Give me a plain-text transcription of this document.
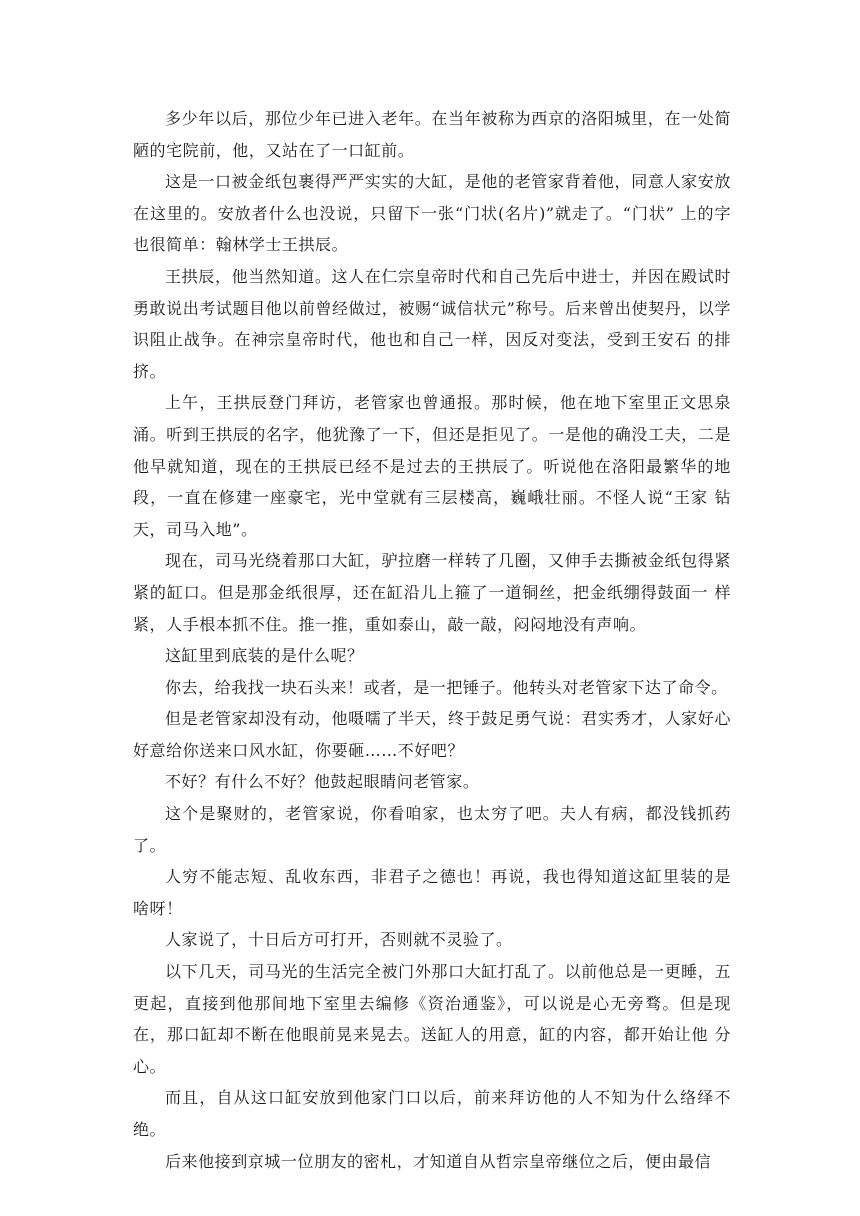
多少年以后，那位少年已进入老年。在当年被称为西京的洛阳城里，在一处简陋的宅院前，他，又站在了一口缸前。

这是一口被金纸包裹得严严实实的大缸，是他的老管家背着他，同意人家安放在这里的。安放者什么也没说，只留下一张“门状(名片)”就走了。“门状” 上的字也很简单：翰林学士王拱辰。

王拱辰，他当然知道。这人在仁宗皇帝时代和自己先后中进士，并因在殿试时勇敢说出考试题目他以前曾经做过，被赐“诚信状元”称号。后来曾出使契丹，以学识阻止战争。在神宗皇帝时代，他也和自己一样，因反对变法，受到王安石 的排挤。

上午，王拱辰登门拜访，老管家也曾通报。那时候，他在地下室里正文思泉 涌。听到王拱辰的名字，他犹豫了一下，但还是拒见了。一是他的确没工夫，二是他早就知道，现在的王拱辰已经不是过去的王拱辰了。听说他在洛阳最繁华的地段，一直在修建一座豪宅，光中堂就有三层楼高，巍峨壮丽。不怪人说“王家 钻天，司马入地”。

现在，司马光绕着那口大缸，驴拉磨一样转了几圈，又伸手去撕被金纸包得紧紧的缸口。但是那金纸很厚，还在缸沿儿上箍了一道铜丝，把金纸绷得鼓面一 样紧，人手根本抓不住。推一推，重如泰山，敲一敲，闷闷地没有声响。

这缸里到底装的是什么呢？

你去，给我找一块石头来！或者，是一把锤子。他转头对老管家下达了命令。

但是老管家却没有动，他嗫嚅了半天，终于鼓足勇气说：君实秀才，人家好心好意给你送来口风水缸，你要砸……不好吧？

不好？有什么不好？他鼓起眼睛问老管家。

这个是聚财的，老管家说，你看咱家，也太穷了吧。夫人有病，都没钱抓药了。

人穷不能志短、乱收东西，非君子之德也！再说，我也得知道这缸里装的是 啥呀！

人家说了，十日后方可打开，否则就不灵验了。

以下几天，司马光的生活完全被门外那口大缸打乱了。以前他总是一更睡，五更起，直接到他那间地下室里去编修《资治通鉴》，可以说是心无旁骛。但是现在，那口缸却不断在他眼前晃来晃去。送缸人的用意，缸的内容，都开始让他 分心。

而且，自从这口缸安放到他家门口以后，前来拜访他的人不知为什么络绎不绝。

后来他接到京城一位朋友的密札，才知道自从哲宗皇帝继位之后，便由最信
